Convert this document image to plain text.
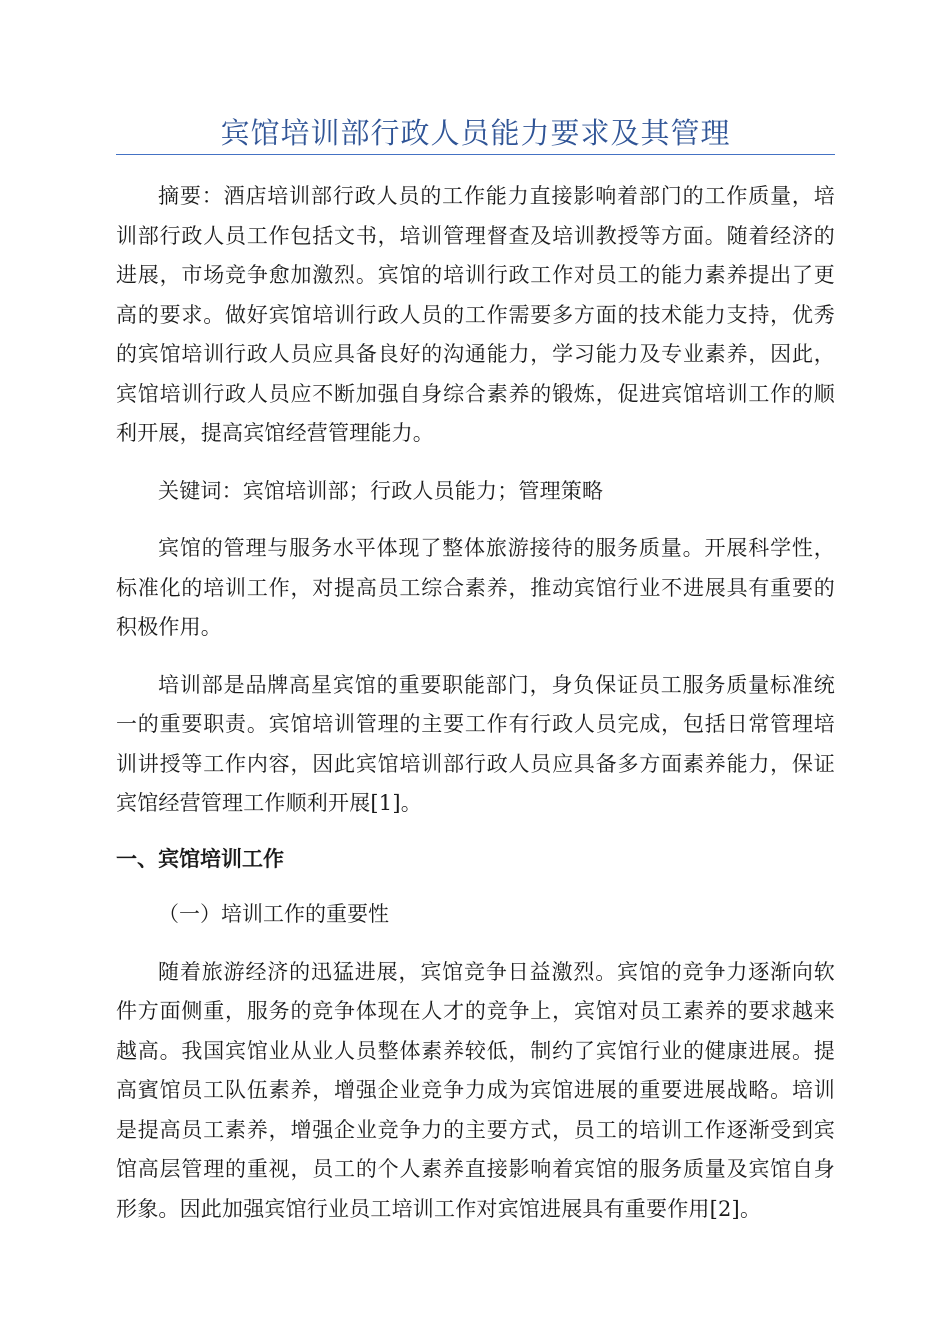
宾馆培训部行政人员能力要求及其管理

摘要：酒店培训部行政人员的工作能力直接影响着部门的工作质量，培训部行政人员工作包括文书，培训管理督查及培训教授等方面。随着经济的进展，市场竞争愈加激烈。宾馆的培训行政工作对员工的能力素养提出了更高的要求。做好宾馆培训行政人员的工作需要多方面的技术能力支持，优秀的宾馆培训行政人员应具备良好的沟通能力，学习能力及专业素养，因此，宾馆培训行政人员应不断加强自身综合素养的锻炼，促进宾馆培训工作的顺利开展，提高宾馆经营管理能力。

关键词：宾馆培训部；行政人员能力；管理策略

宾馆的管理与服务水平体现了整体旅游接待的服务质量。开展科学性，标准化的培训工作，对提高员工综合素养，推动宾馆行业不进展具有重要的积极作用。

培训部是品牌高星宾馆的重要职能部门，身负保证员工服务质量标准统一的重要职责。宾馆培训管理的主要工作有行政人员完成，包括日常管理培训讲授等工作内容，因此宾馆培训部行政人员应具备多方面素养能力，保证宾馆经营管理工作顺利开展[1]。

一、宾馆培训工作
（一）培训工作的重要性

随着旅游经济的迅猛进展，宾馆竞争日益激烈。宾馆的竞争力逐渐向软件方面侧重，服务的竞争体现在人才的竞争上，宾馆对员工素养的要求越来越高。我国宾馆业从业人员整体素养较低，制约了宾馆行业的健康进展。提高賓馆员工队伍素养，增强企业竞争力成为宾馆进展的重要进展战略。培训是提高员工素养，增强企业竞争力的主要方式，员工的培训工作逐渐受到宾馆高层管理的重视，员工的个人素养直接影响着宾馆的服务质量及宾馆自身形象。因此加强宾馆行业员工培训工作对宾馆进展具有重要作用[2]。
